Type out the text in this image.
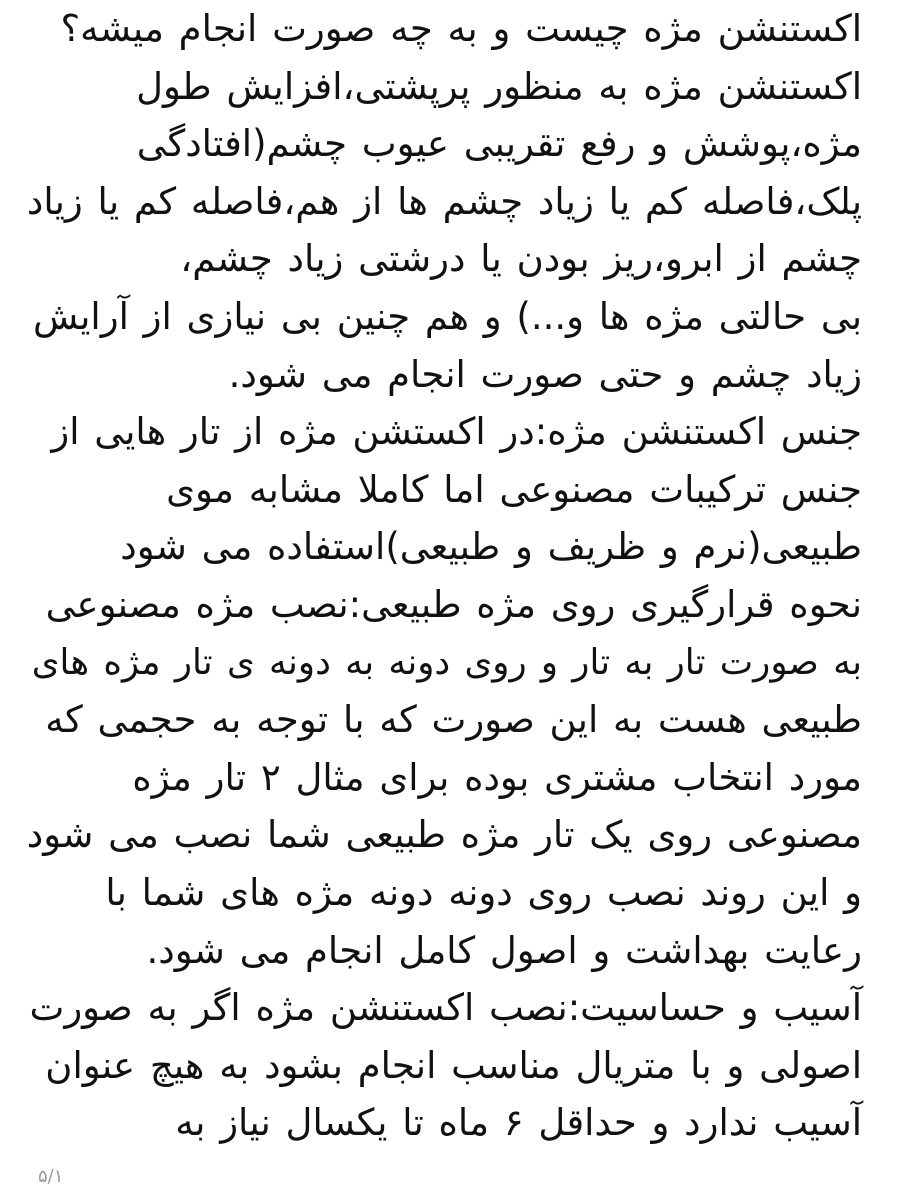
اکستنشن مژه چیست و به چه صورت انجام میشه؟
اکستنشن مژه به منظور پرپشتی،افزایش طول
مژه،پوشش و رفع تقریبی عیوب چشم(افتادگی
پلک،فاصله کم یا زیاد چشم ها از هم،فاصله کم یا زیاد
چشم از ابرو،ریز بودن یا درشتی زیاد چشم،
بی حالتی مژه ها و...) و هم چنین بی نیازی از آرایش
زیاد چشم و حتی صورت انجام می شود.
جنس اکستنشن مژه:در اکستشن مژه از تار هایی از
جنس ترکیبات مصنوعی اما کاملا مشابه موی
طبیعی(نرم و ظریف و طبیعی)استفاده می شود
نحوه قرارگیری روی مژه طبیعی:نصب مژه مصنوعی
به صورت تار به تار و روی دونه به دونه ی تار مژه های
طبیعی هست به این صورت که با توجه به حجمی که
مورد انتخاب مشتری بوده برای مثال ۲ تار مژه
مصنوعی روی یک تار مژه طبیعی شما نصب می شود
و این روند نصب روی دونه دونه مژه های شما با
رعایت بهداشت و اصول کامل انجام می شود.
آسیب و حساسیت:نصب اکستنشن مژه اگر به صورت
اصولی و با متریال مناسب انجام بشود به هیچ عنوان
آسیب ندارد و حداقل ۶ ماه تا یکسال نیاز به
۵/۱
